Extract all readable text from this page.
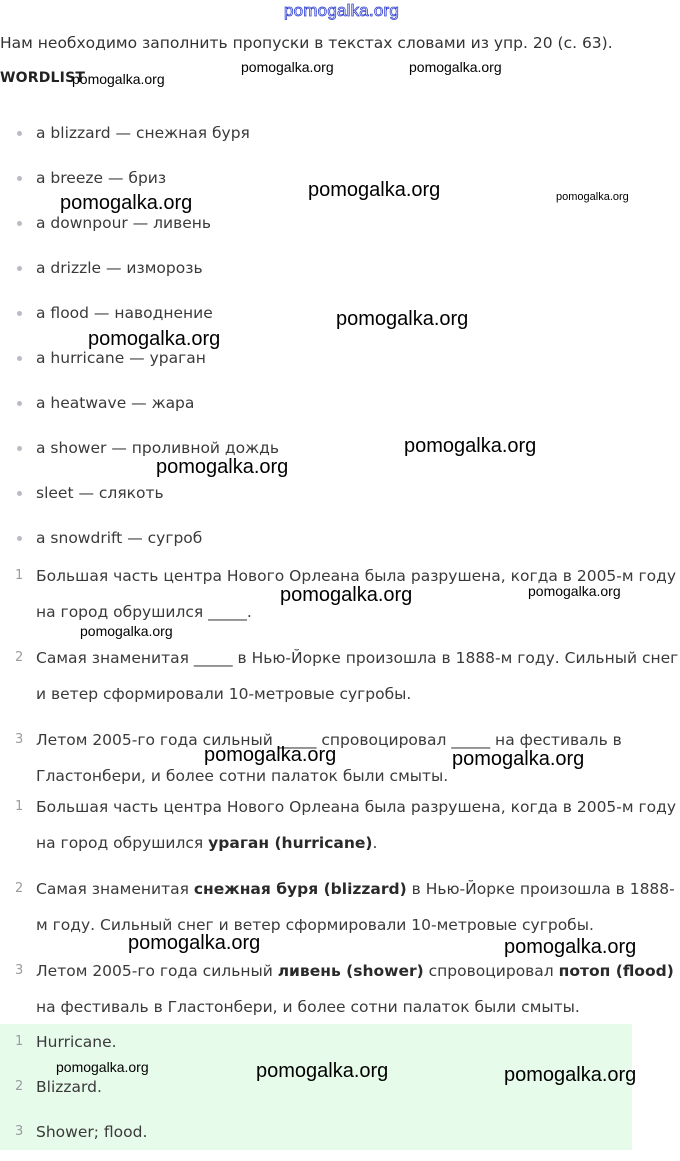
pomogalka.org
Нам необходимо заполнить пропуски в текстах словами из упр. 20 (с. 63).
WORDLIST
a blizzard — снежная буря
a breeze — бриз
a downpour — ливень
a drizzle — изморозь
a flood — наводнение
a hurricane — ураган
a heatwave — жара
a shower — проливной дождь
sleet — слякоть
a snowdrift — сугроб
1 Большая часть центра Нового Орлеана была разрушена, когда в 2005-м году на город обрушился _____.
2 Самая знаменитая _____ в Нью-Йорке произошла в 1888-м году. Сильный снег и ветер сформировали 10-метровые сугробы.
3 Летом 2005-го года сильный _____ спровоцировал _____ на фестиваль в Гластонбери, и более сотни палаток были смыты.
1 Большая часть центра Нового Орлеана была разрушена, когда в 2005-м году на город обрушился ураган (hurricane).
2 Самая знаменитая снежная буря (blizzard) в Нью-Йорке произошла в 1888-м году. Сильный снег и ветер сформировали 10-метровые сугробы.
3 Летом 2005-го года сильный ливень (shower) спровоцировал потоп (flood) на фестиваль в Гластонбери, и более сотни палаток были смыты.
1 Hurricane.
2 Blizzard.
3 Shower; flood.
pomogalka.org
pomogalka.org	pomogalka.org
pomogalka.org
pomogalka.org	pomogalka.org
pomogalka.org
pomogalka.org
pomogalka.org
pomogalka.org
pomogalka.org	pomogalka.org
pomogalka.org
pomogalka.org	pomogalka.org
pomogalka.org	pomogalka.org
pomogalka.org	pomogalka.org	pomogalka.org
